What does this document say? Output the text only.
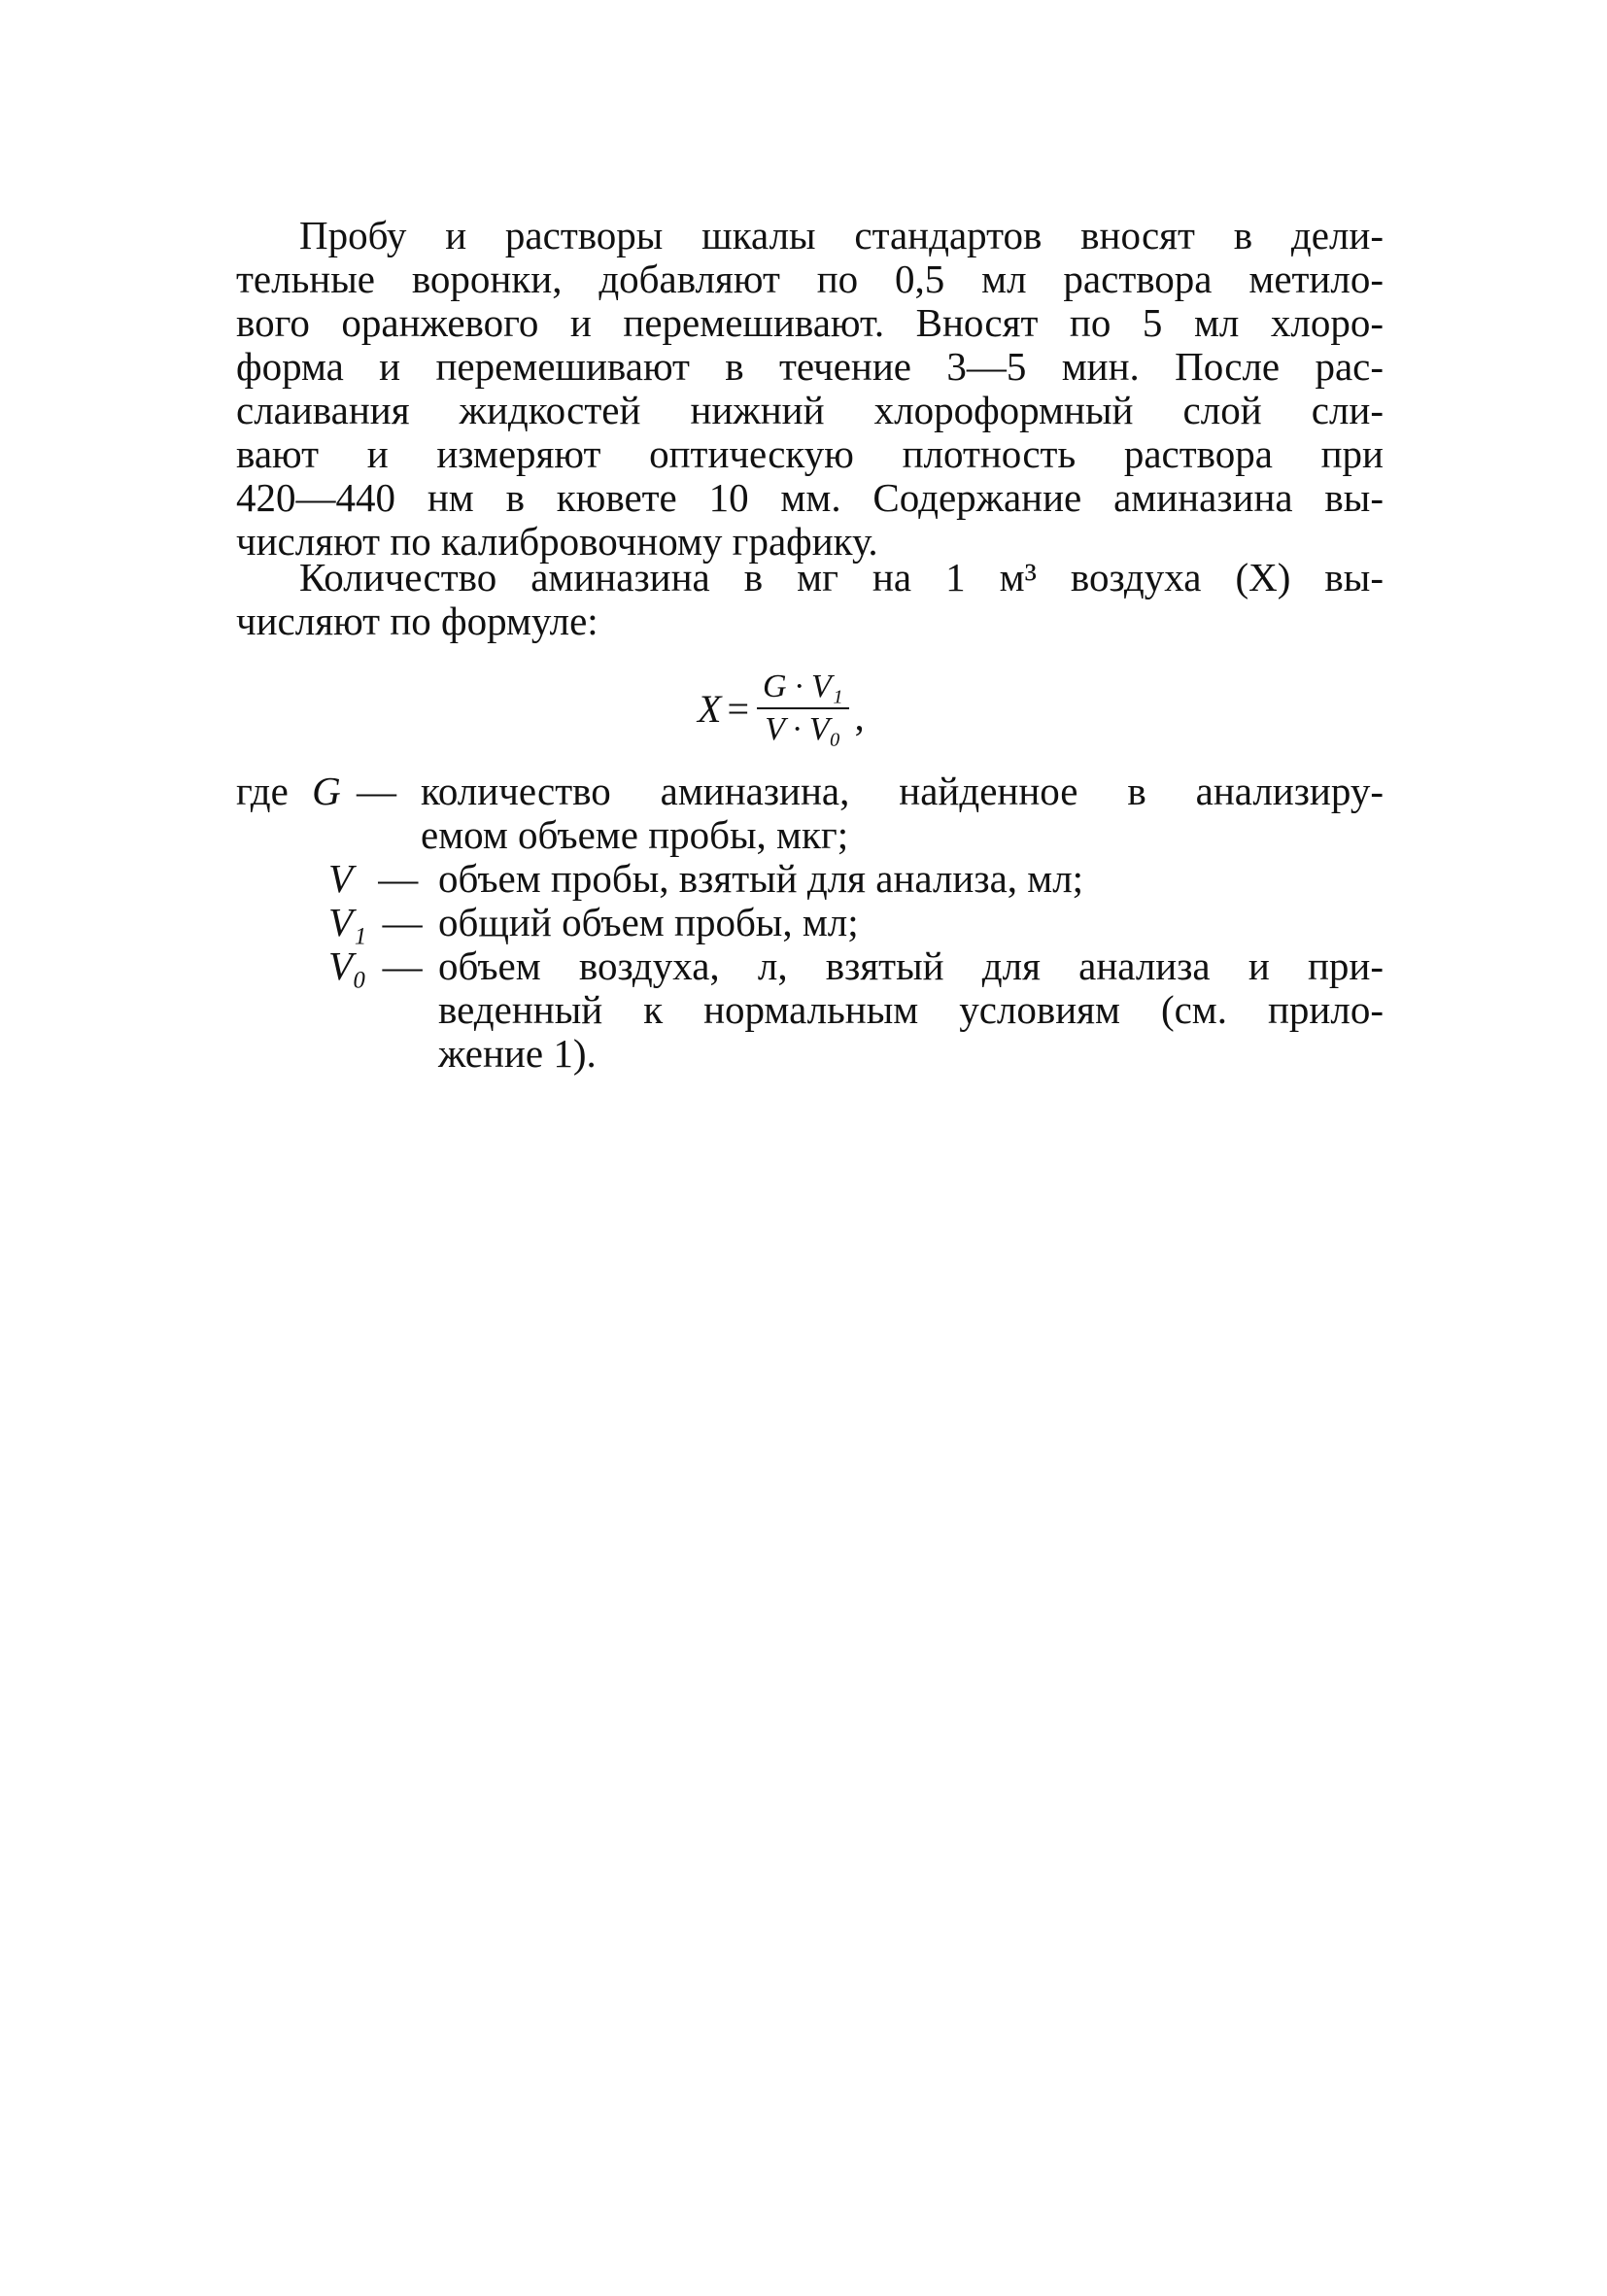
Пробу и растворы шкалы стандартов вносят в дели-
тельные воронки, добавляют по 0,5 мл раствора метило-
вого оранжевого и перемешивают. Вносят по 5 мл хлоро-
форма и перемешивают в течение 3—5 мин. После рас-
слаивания жидкостей нижний хлороформный слой сли-
вают и измеряют оптическую плотность раствора при
420—440 нм в кювете 10 мм. Содержание аминазина вы-
числяют по калибровочному графику.
Количество аминазина в мг на 1 м³ воздуха (X) вы-
числяют по формуле:
$X = \frac{\text{G · V₁}}{\text{V · V₀}}$ ,
где G — количество аминазина, найденное в анализиру-
емом объеме пробы, мкг;
V — объем пробы, взятый для анализа, мл;
V₁ — общий объем пробы, мл;
V₀ — объем воздуха, л, взятый для анализа и при-
веденный к нормальным условиям (см. прило-
жение 1).
